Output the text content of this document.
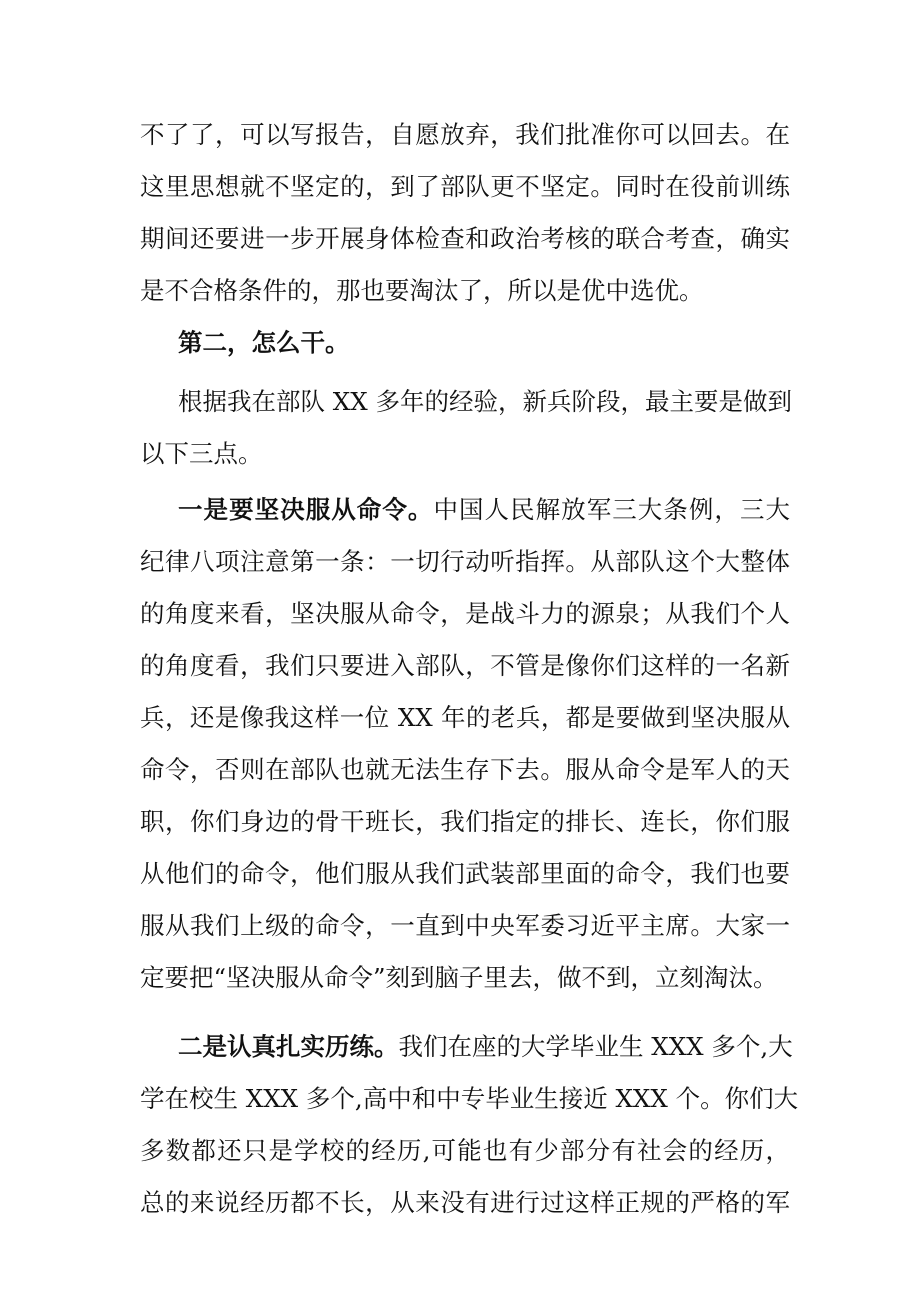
不了了，可以写报告，自愿放弃，我们批准你可以回去。在
这里思想就不坚定的，到了部队更不坚定。同时在役前训练
期间还要进一步开展身体检查和政治考核的联合考查，确实
是不合格条件的，那也要淘汰了，所以是优中选优。
第二，怎么干。
根据我在部队 XX 多年的经验，新兵阶段，最主要是做到
以下三点。
一是要坚决服从命令。中国人民解放军三大条例，三大
纪律八项注意第一条：一切行动听指挥。从部队这个大整体
的角度来看，坚决服从命令，是战斗力的源泉；从我们个人
的角度看，我们只要进入部队，不管是像你们这样的一名新
兵，还是像我这样一位 XX 年的老兵，都是要做到坚决服从
命令，否则在部队也就无法生存下去。服从命令是军人的天
职，你们身边的骨干班长，我们指定的排长、连长，你们服
从他们的命令，他们服从我们武装部里面的命令，我们也要
服从我们上级的命令，一直到中央军委习近平主席。大家一
定要把“坚决服从命令”刻到脑子里去，做不到，立刻淘汰。
二是认真扎实历练。我们在座的大学毕业生 XXX 多个,大
学在校生 XXX 多个,高中和中专毕业生接近 XXX 个。你们大
多数都还只是学校的经历,可能也有少部分有社会的经历，
总的来说经历都不长，从来没有进行过这样正规的严格的军
